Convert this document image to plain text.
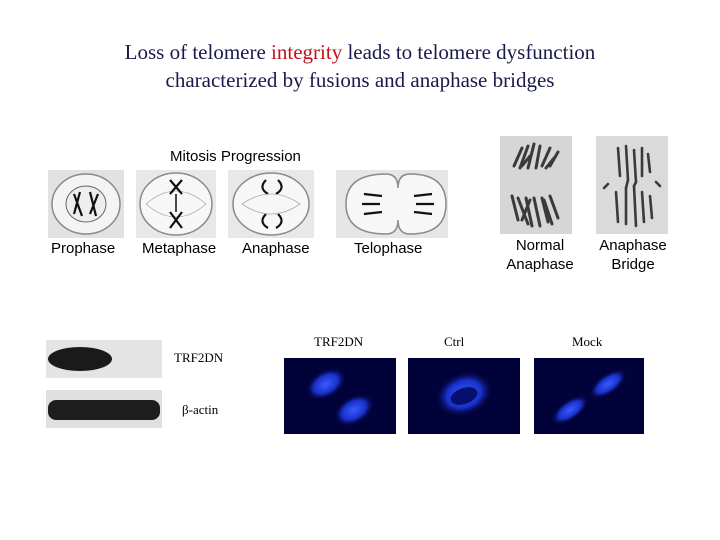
Loss of telomere integrity leads to telomere dysfunction
characterized by fusions and anaphase bridges
Mitosis Progression
Prophase Metaphase Anaphase	Telophase	Normal
Anaphase
Anaphase
Bridge
TRF2DN
β-actin
TRF2DN	Ctrl	Mock
